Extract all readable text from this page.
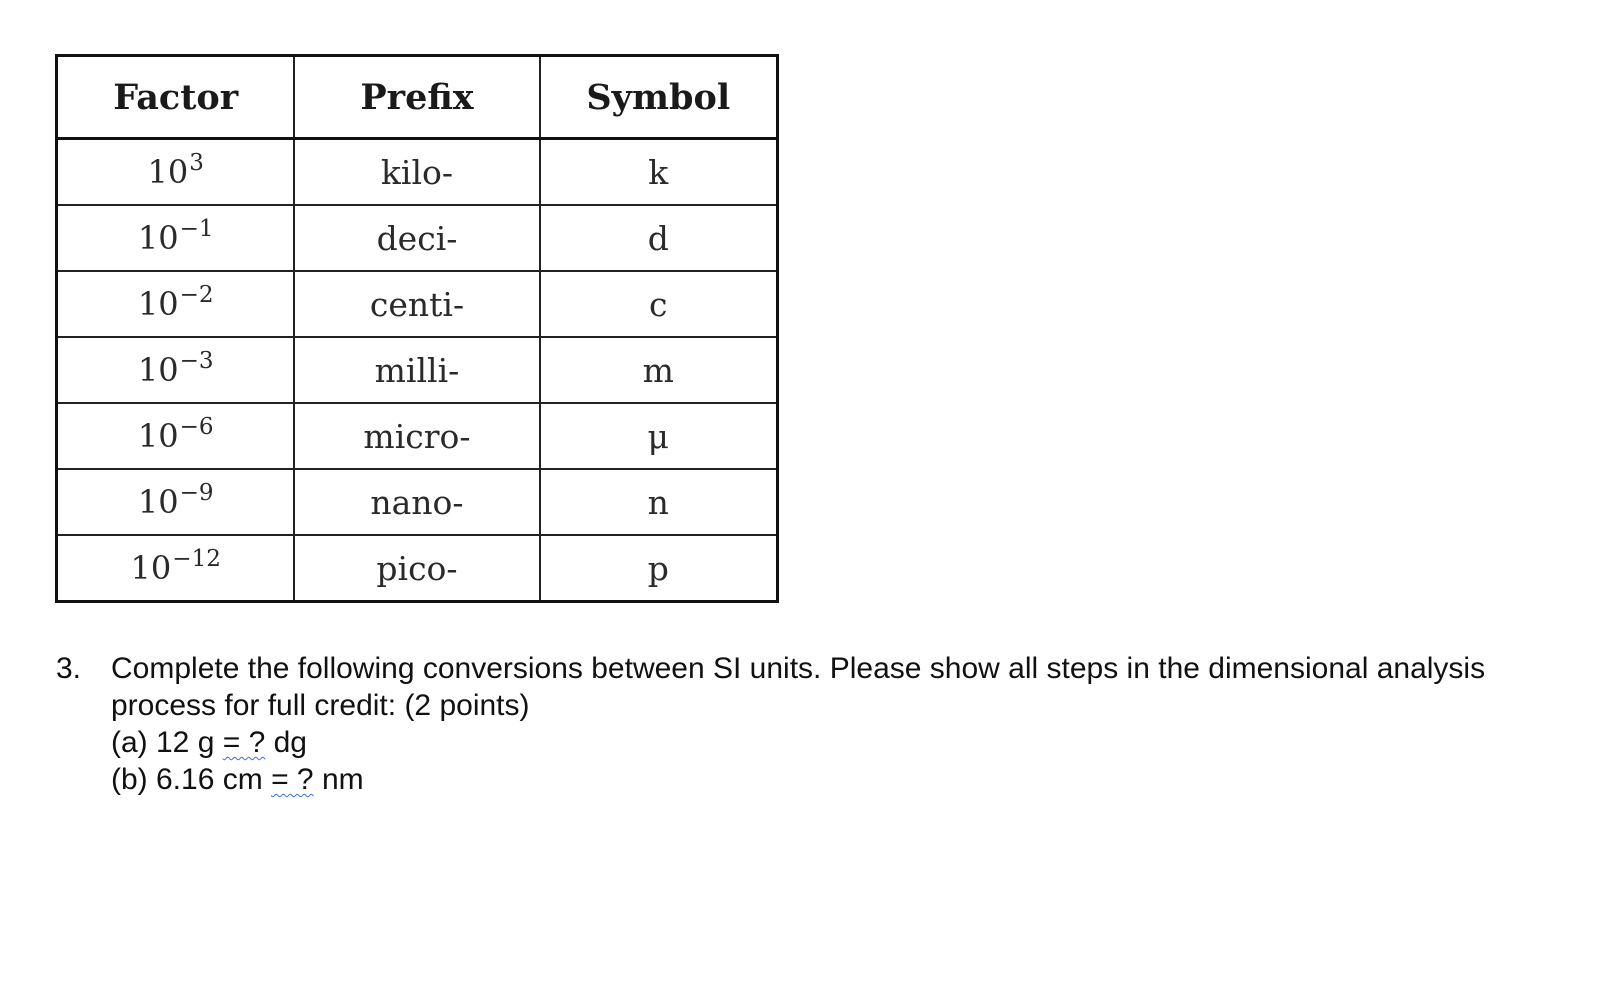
Factor	Prefix	Symbol
$10^3$	kilo-	k
$10^{-1}$	deci-	d
$10^{-2}$	centi-	c
$10^{-3}$	milli-	m
$10^{-6}$	micro-	μ
$10^{-9}$	nano-	n
$10^{-12}$	pico-	p
3. Complete the following conversions between SI units. Please show all steps in the dimensional analysis
process for full credit: (2 points)
(a) 12 g = ? dg
(b) 6.16 cm = ? nm
